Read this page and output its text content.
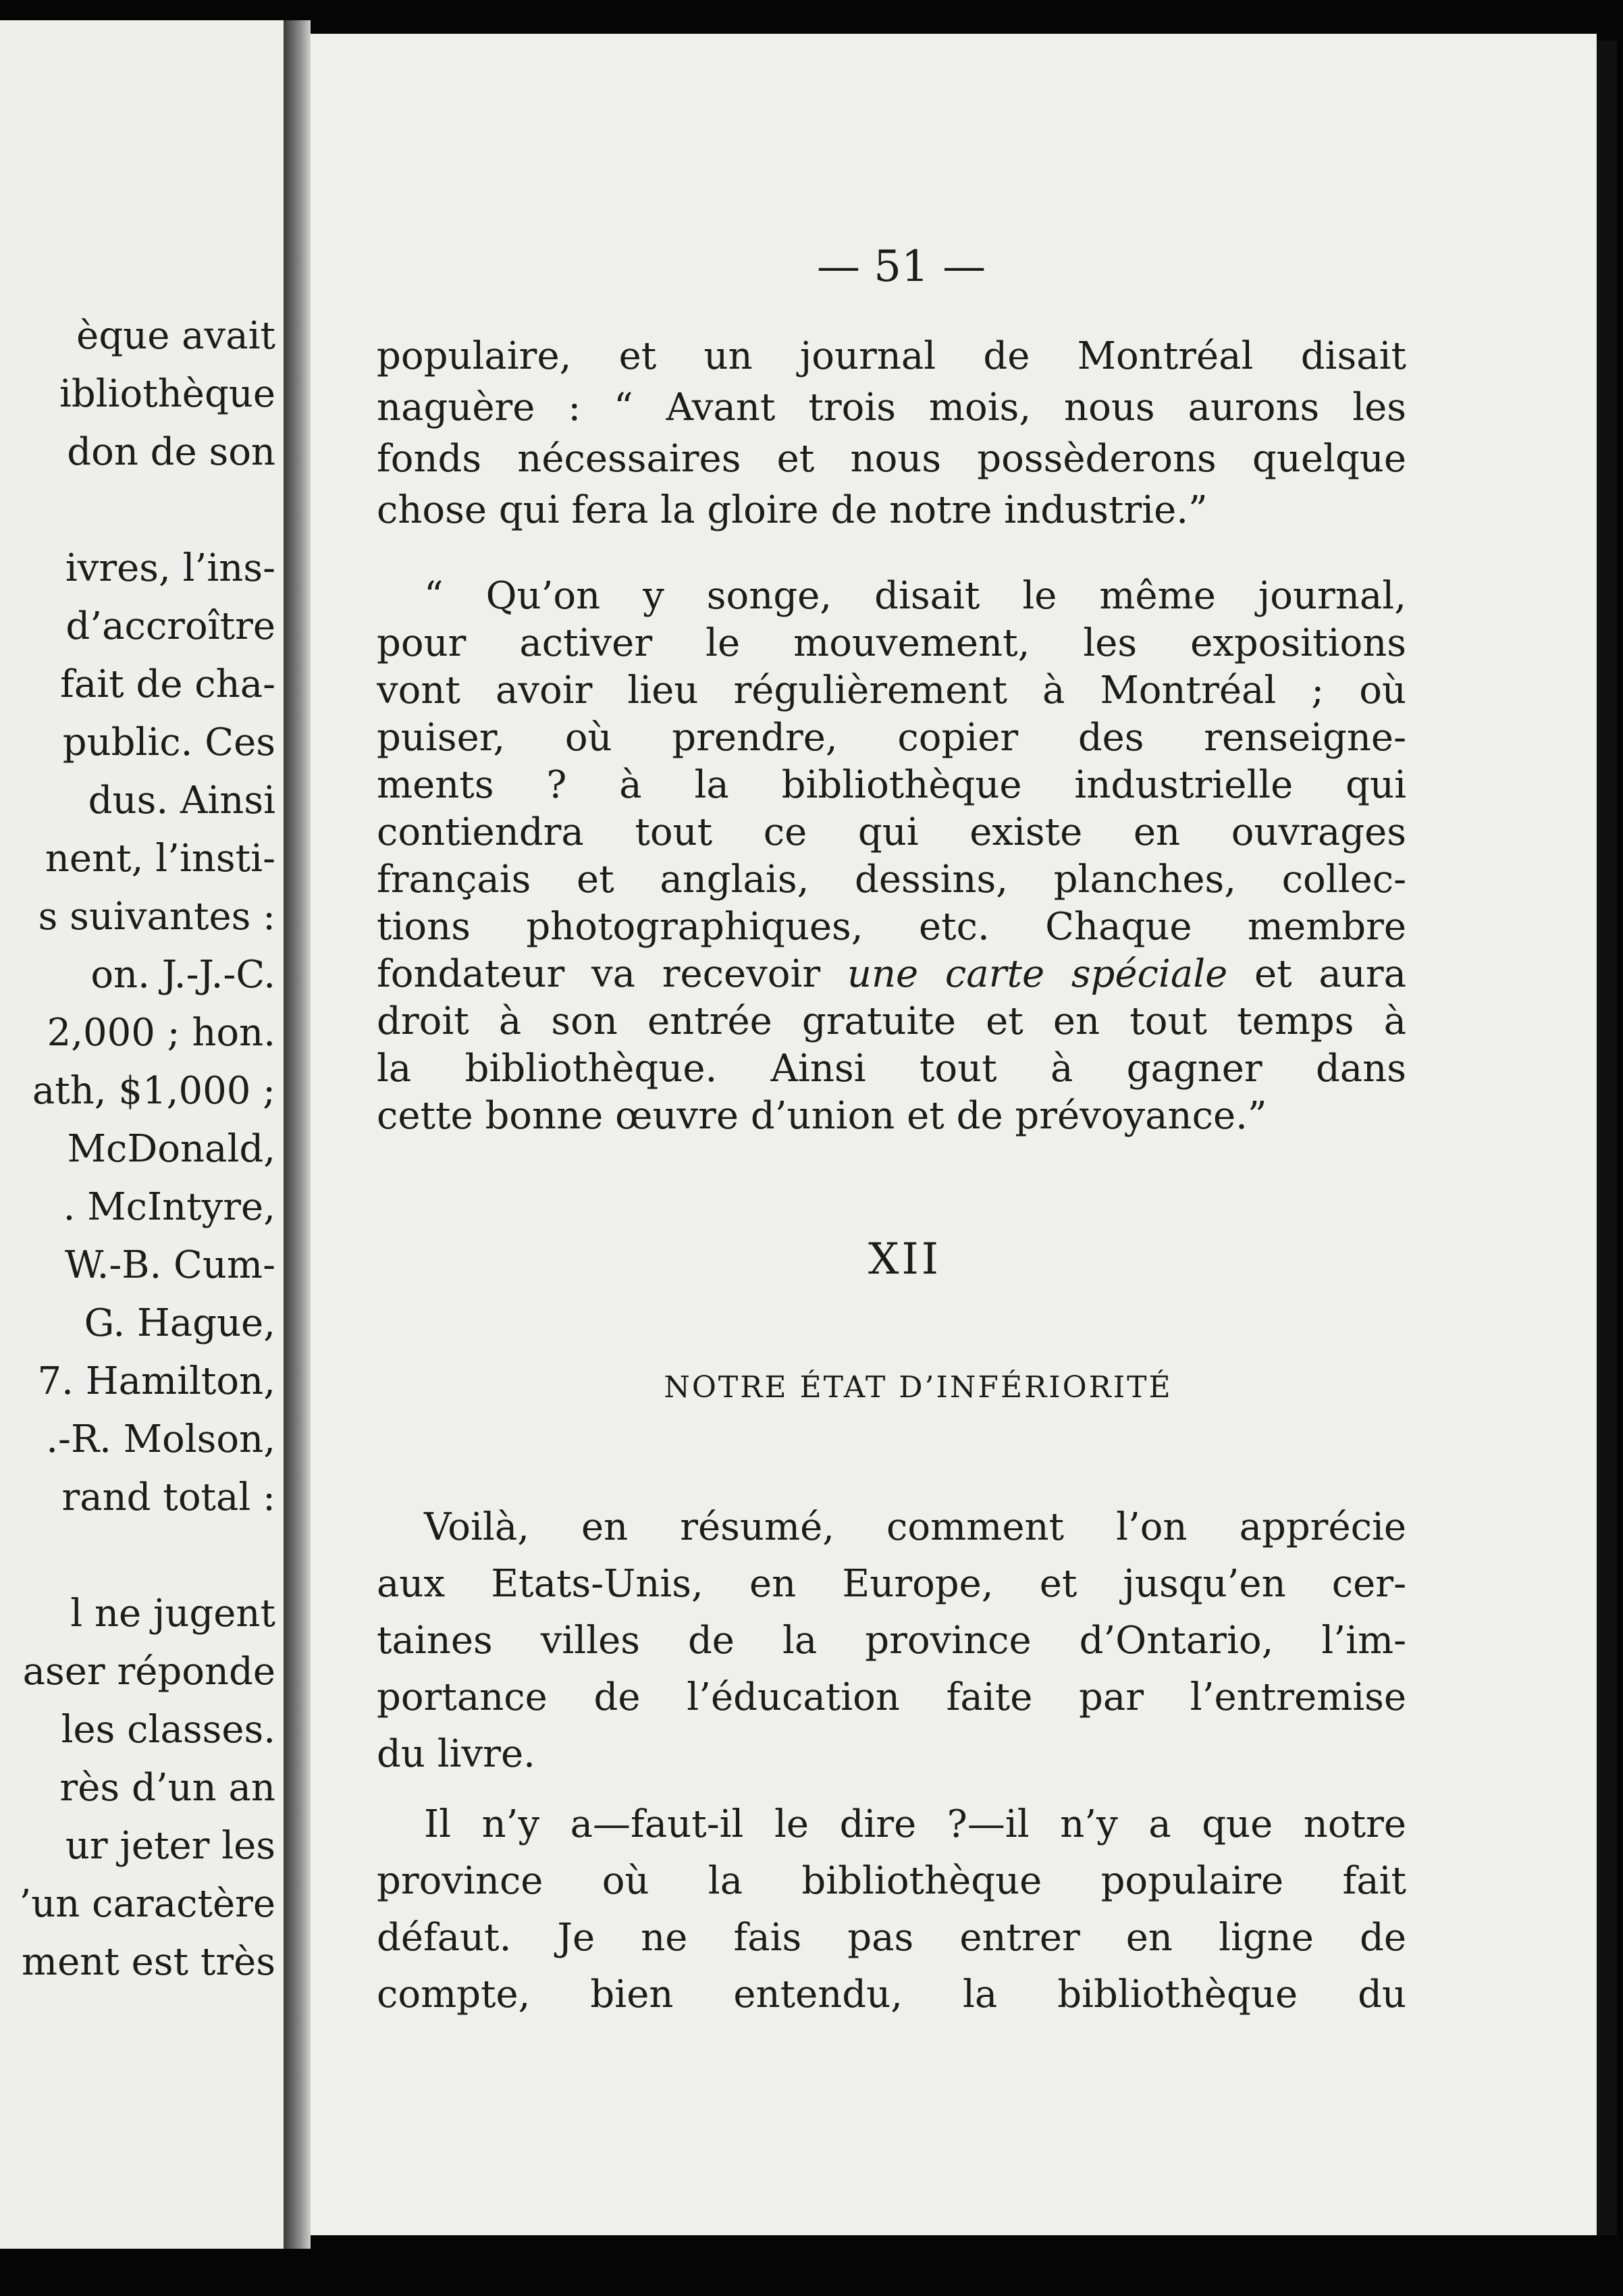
èque avait
ibliothèque
don de son
ivres, l’ins-
d’accroître
fait de cha-
public. Ces
dus. Ainsi
nent, l’insti-
s suivantes :
on. J.-J.-C.
2,000 ; hon.
ath, $1,000 ;
McDonald,
. McIntyre,
W.-B. Cum-
G. Hague,
7. Hamilton,
.-R. Molson,
rand total :
l ne jugent
aser réponde
les classes.
rès d’un an
ur jeter les
’un caractère
ment est très
— 51 —
populaire, et un journal de Montréal disait
naguère : “ Avant trois mois, nous aurons les
fonds nécessaires et nous possèderons quelque
chose qui fera la gloire de notre industrie.”
“ Qu’on y songe, disait le même journal,
pour activer le mouvement, les expositions
vont avoir lieu régulièrement à Montréal ; où
puiser, où prendre, copier des renseigne-
ments ? à la bibliothèque industrielle qui
contiendra tout ce qui existe en ouvrages
français et anglais, dessins, planches, collec-
tions photographiques, etc. Chaque membre
fondateur va recevoir une carte spéciale et aura
droit à son entrée gratuite et en tout temps à
la bibliothèque. Ainsi tout à gagner dans
cette bonne œuvre d’union et de prévoyance.”
XII
NOTRE ÉTAT D’INFÉRIORITÉ
Voilà, en résumé, comment l’on apprécie
aux Etats-Unis, en Europe, et jusqu’en cer-
taines villes de la province d’Ontario, l’im-
portance de l’éducation faite par l’entremise
du livre.
Il n’y a—faut-il le dire ?—il n’y a que notre
province où la bibliothèque populaire fait
défaut. Je ne fais pas entrer en ligne de
compte, bien entendu, la bibliothèque du
